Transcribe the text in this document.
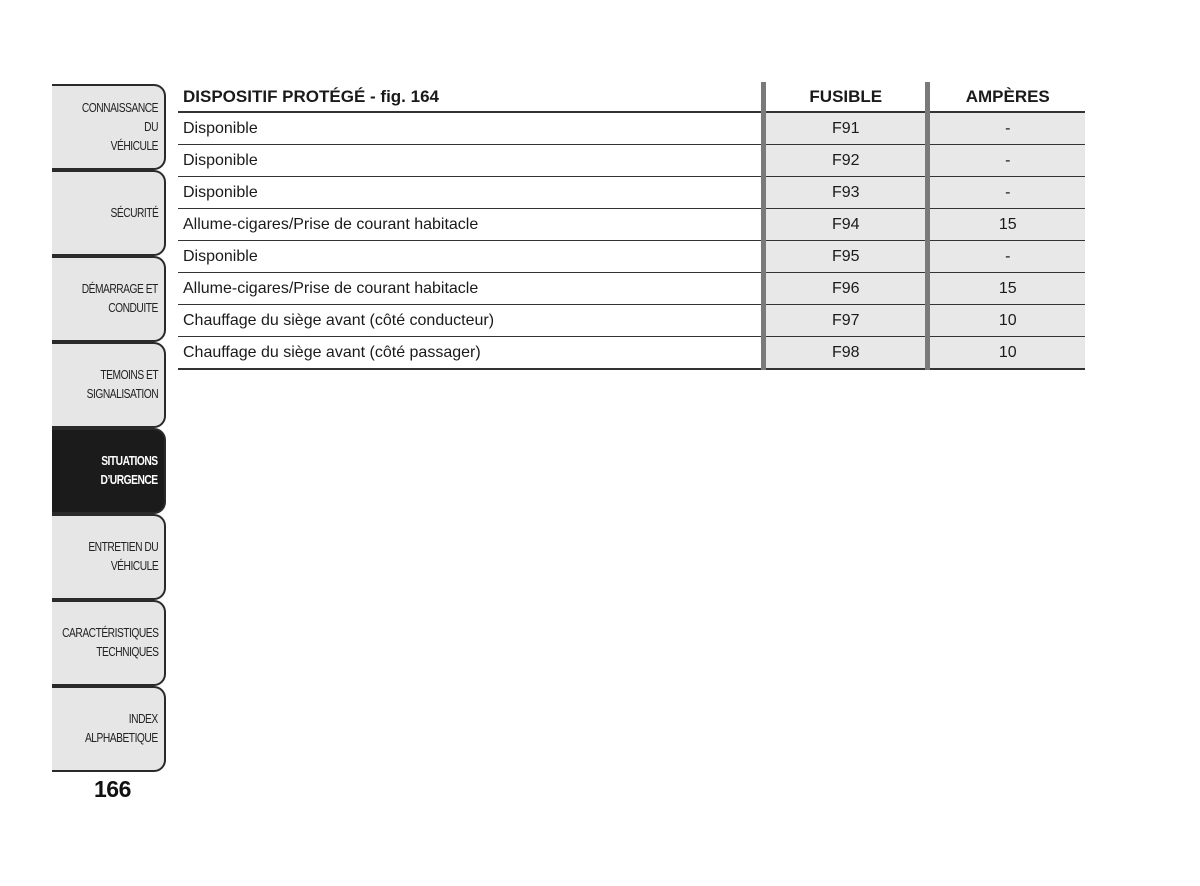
CONNAISSANCE DU
VÉHICULE
SÉCURITÉ
DÉMARRAGE ET
CONDUITE
TEMOINS ET
SIGNALISATION
SITUATIONS
D’URGENCE
ENTRETIEN DU
VÉHICULE
CARACTÉRISTIQUES
TECHNIQUES
INDEX
ALPHABETIQUE
DISPOSITIF PROTÉGÉ - fig. 164	FUSIBLE	AMPÈRES
Disponible	F91	-
Disponible	F92	-
Disponible	F93	-
Allume-cigares/Prise de courant habitacle	F94	15
Disponible	F95	-
Allume-cigares/Prise de courant habitacle	F96	15
Chauffage du siège avant (côté conducteur)	F97	10
Chauffage du siège avant (côté passager)	F98	10
166
